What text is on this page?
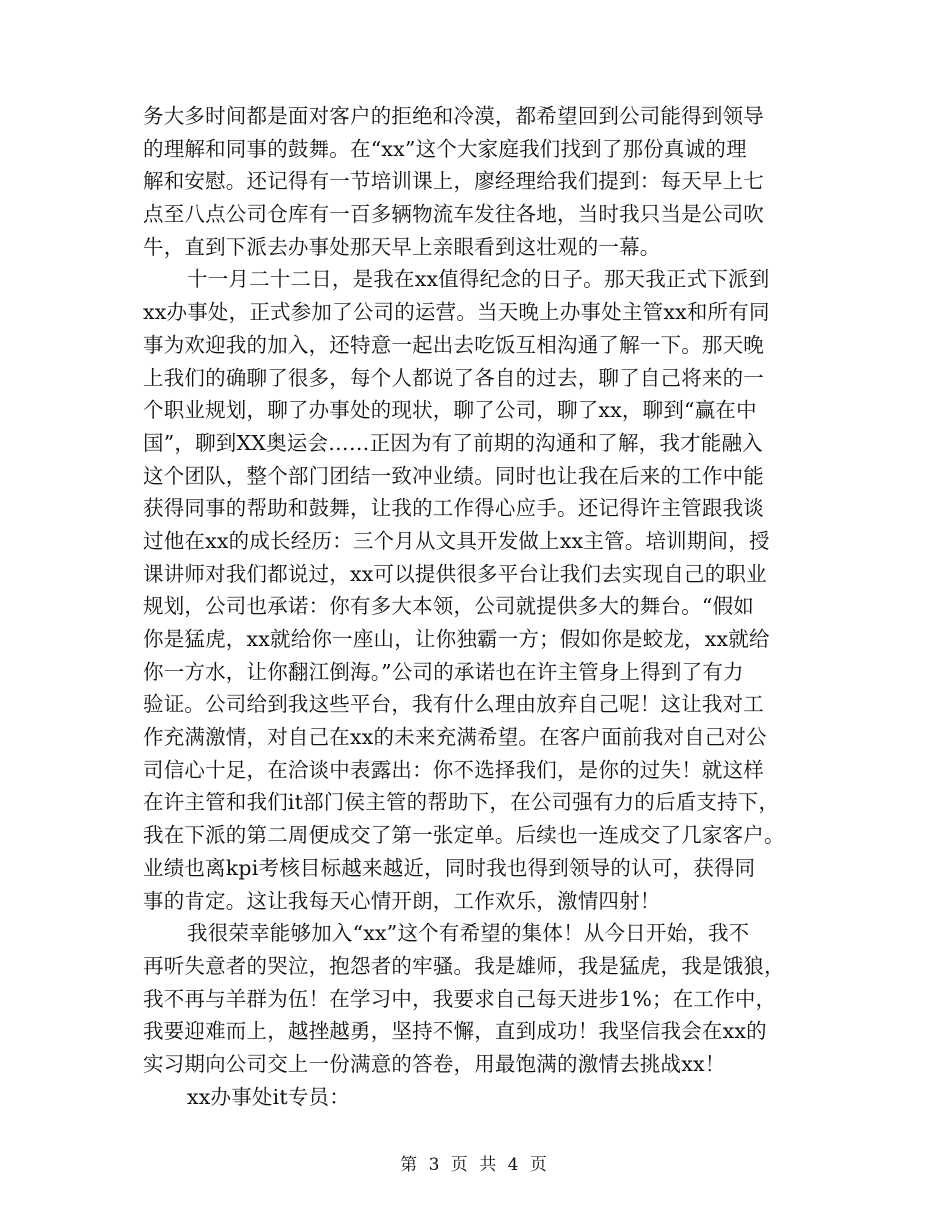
务大多时间都是面对客户的拒绝和冷漠，都希望回到公司能得到领导
的理解和同事的鼓舞。在“xx”这个大家庭我们找到了那份真诚的理
解和安慰。还记得有一节培训课上，廖经理给我们提到：每天早上七
点至八点公司仓库有一百多辆物流车发往各地，当时我只当是公司吹
牛，直到下派去办事处那天早上亲眼看到这壮观的一幕。
十一月二十二日，是我在xx值得纪念的日子。那天我正式下派到
xx办事处，正式参加了公司的运营。当天晚上办事处主管xx和所有同
事为欢迎我的加入，还特意一起出去吃饭互相沟通了解一下。那天晚
上我们的确聊了很多，每个人都说了各自的过去，聊了自己将来的一
个职业规划，聊了办事处的现状，聊了公司，聊了xx，聊到“赢在中
国”，聊到XX奥运会……正因为有了前期的沟通和了解，我才能融入
这个团队，整个部门团结一致冲业绩。同时也让我在后来的工作中能
获得同事的帮助和鼓舞，让我的工作得心应手。还记得许主管跟我谈
过他在xx的成长经历：三个月从文具开发做上xx主管。培训期间，授
课讲师对我们都说过，xx可以提供很多平台让我们去实现自己的职业
规划，公司也承诺：你有多大本领，公司就提供多大的舞台。“假如
你是猛虎，xx就给你一座山，让你独霸一方；假如你是蛟龙，xx就给
你一方水，让你翻江倒海。”公司的承诺也在许主管身上得到了有力
验证。公司给到我这些平台，我有什么理由放弃自己呢！这让我对工
作充满激情，对自己在xx的未来充满希望。在客户面前我对自己对公
司信心十足，在洽谈中表露出：你不选择我们，是你的过失！就这样
在许主管和我们it部门侯主管的帮助下，在公司强有力的后盾支持下，
我在下派的第二周便成交了第一张定单。后续也一连成交了几家客户。
业绩也离kpi考核目标越来越近，同时我也得到领导的认可，获得同
事的肯定。这让我每天心情开朗，工作欢乐，激情四射！
我很荣幸能够加入“xx”这个有希望的集体！从今日开始，我不
再听失意者的哭泣，抱怨者的牢骚。我是雄师，我是猛虎，我是饿狼，
我不再与羊群为伍！在学习中，我要求自己每天进步1%；在工作中，
我要迎难而上，越挫越勇，坚持不懈，直到成功！我坚信我会在xx的
实习期向公司交上一份满意的答卷，用最饱满的激情去挑战xx！
xx办事处it专员：
第 3 页 共 4 页
